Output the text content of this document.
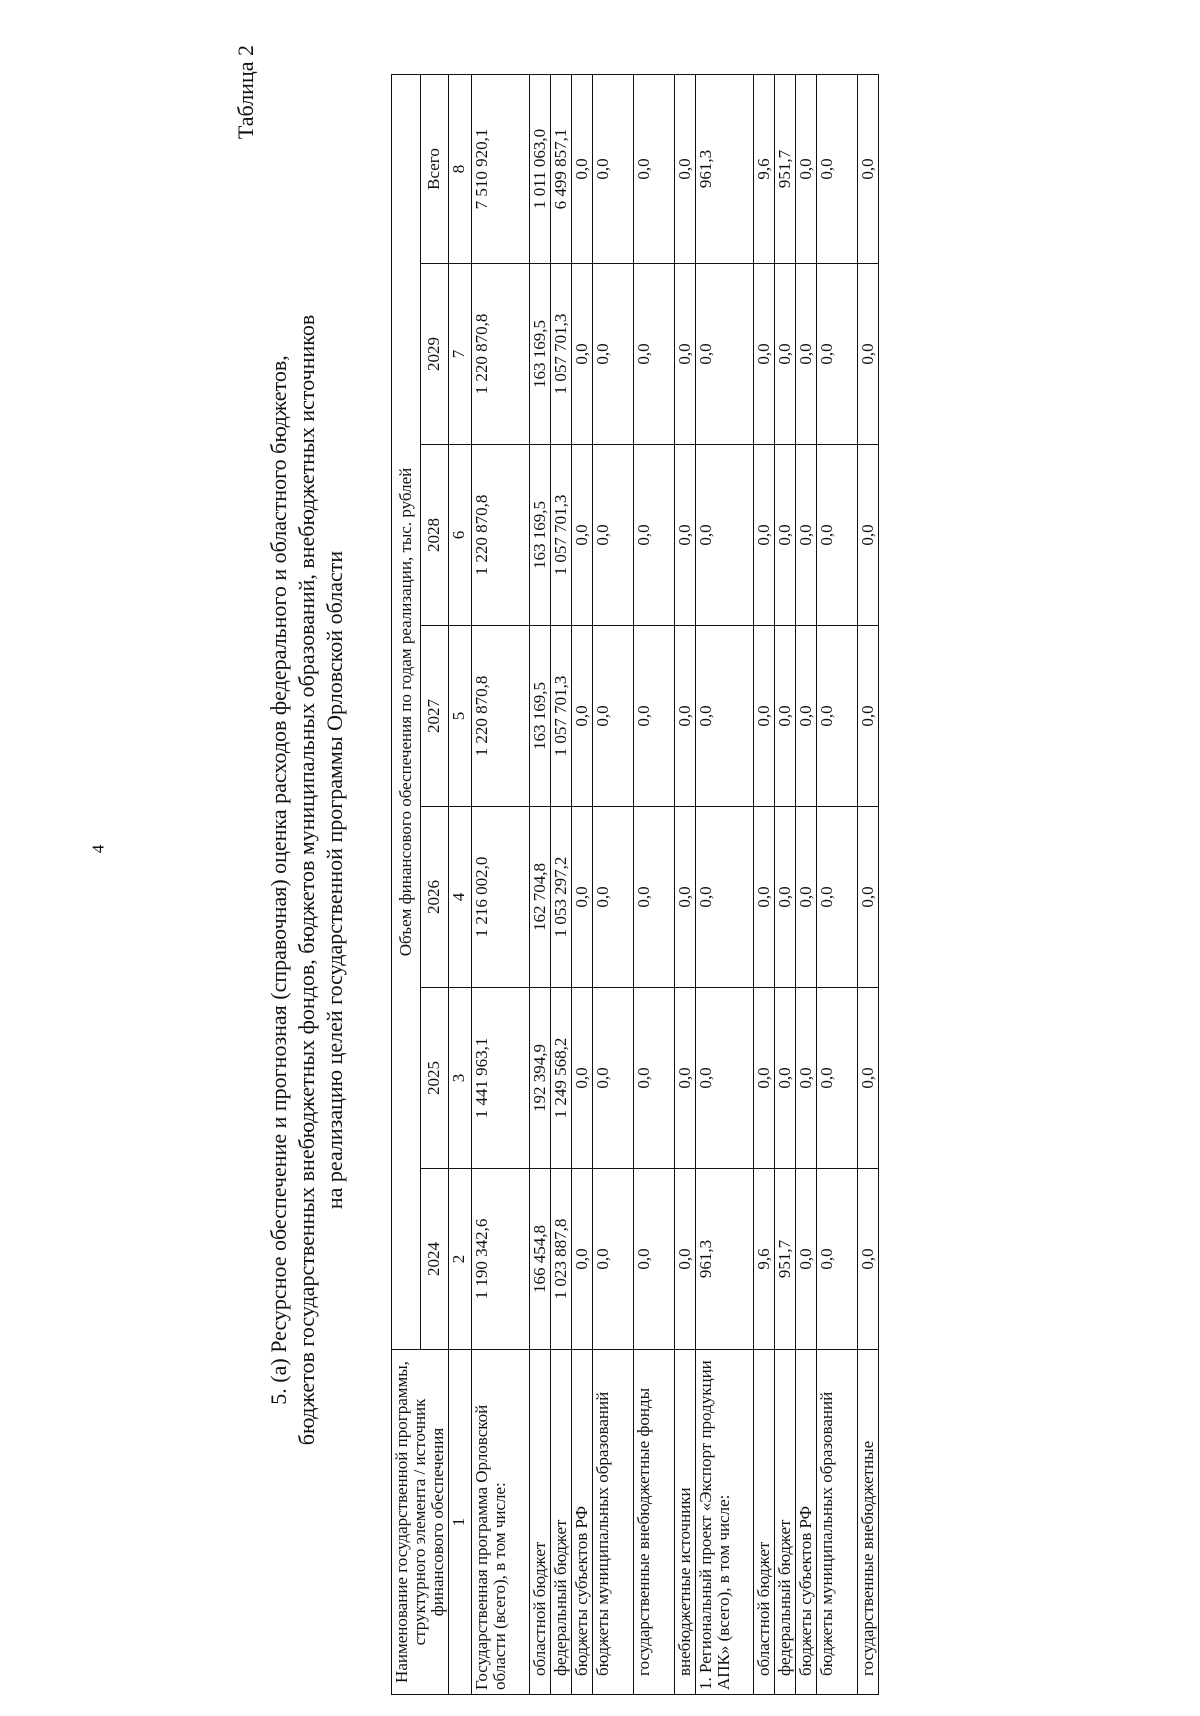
4
Таблица 2
5. (а) Ресурсное обеспечение и прогнозная (справочная) оценка расходов федерального и областного бюджетов, бюджетов государственных внебюджетных фондов, бюджетов муниципальных образований, внебюджетных источников на реализацию целей государственной программы Орловской области
Наименование государственной программы, структурного элемента / источник финансового обеспечения	Объем финансового обеспечения по годам реализации, тыс. рублей						
	2024	2025	2026	2027	2028	2029	Всего
1	2	3	4	5	6	7	8
Государственная программа Орловской области (всего), в том числе:	1 190 342,6	1 441 963,1	1 216 002,0	1 220 870,8	1 220 870,8	1 220 870,8	7 510 920,1
областной бюджет	166 454,8	192 394,9	162 704,8	163 169,5	163 169,5	163 169,5	1 011 063,0
федеральный бюджет	1 023 887,8	1 249 568,2	1 053 297,2	1 057 701,3	1 057 701,3	1 057 701,3	6 499 857,1
бюджеты субъектов РФ	0,0	0,0	0,0	0,0	0,0	0,0	0,0
бюджеты муниципальных образований	0,0	0,0	0,0	0,0	0,0	0,0	0,0
государственные внебюджетные фонды	0,0	0,0	0,0	0,0	0,0	0,0	0,0
внебюджетные источники	0,0	0,0	0,0	0,0	0,0	0,0	0,0
1. Региональный проект «Экспорт продукции АПК» (всего), в том числе:	961,3	0,0	0,0	0,0	0,0	0,0	961,3
областной бюджет	9,6	0,0	0,0	0,0	0,0	0,0	9,6
федеральный бюджет	951,7	0,0	0,0	0,0	0,0	0,0	951,7
бюджеты субъектов РФ	0,0	0,0	0,0	0,0	0,0	0,0	0,0
бюджеты муниципальных образований	0,0	0,0	0,0	0,0	0,0	0,0	0,0
государственные внебюджетные	0,0	0,0	0,0	0,0	0,0	0,0	0,0
